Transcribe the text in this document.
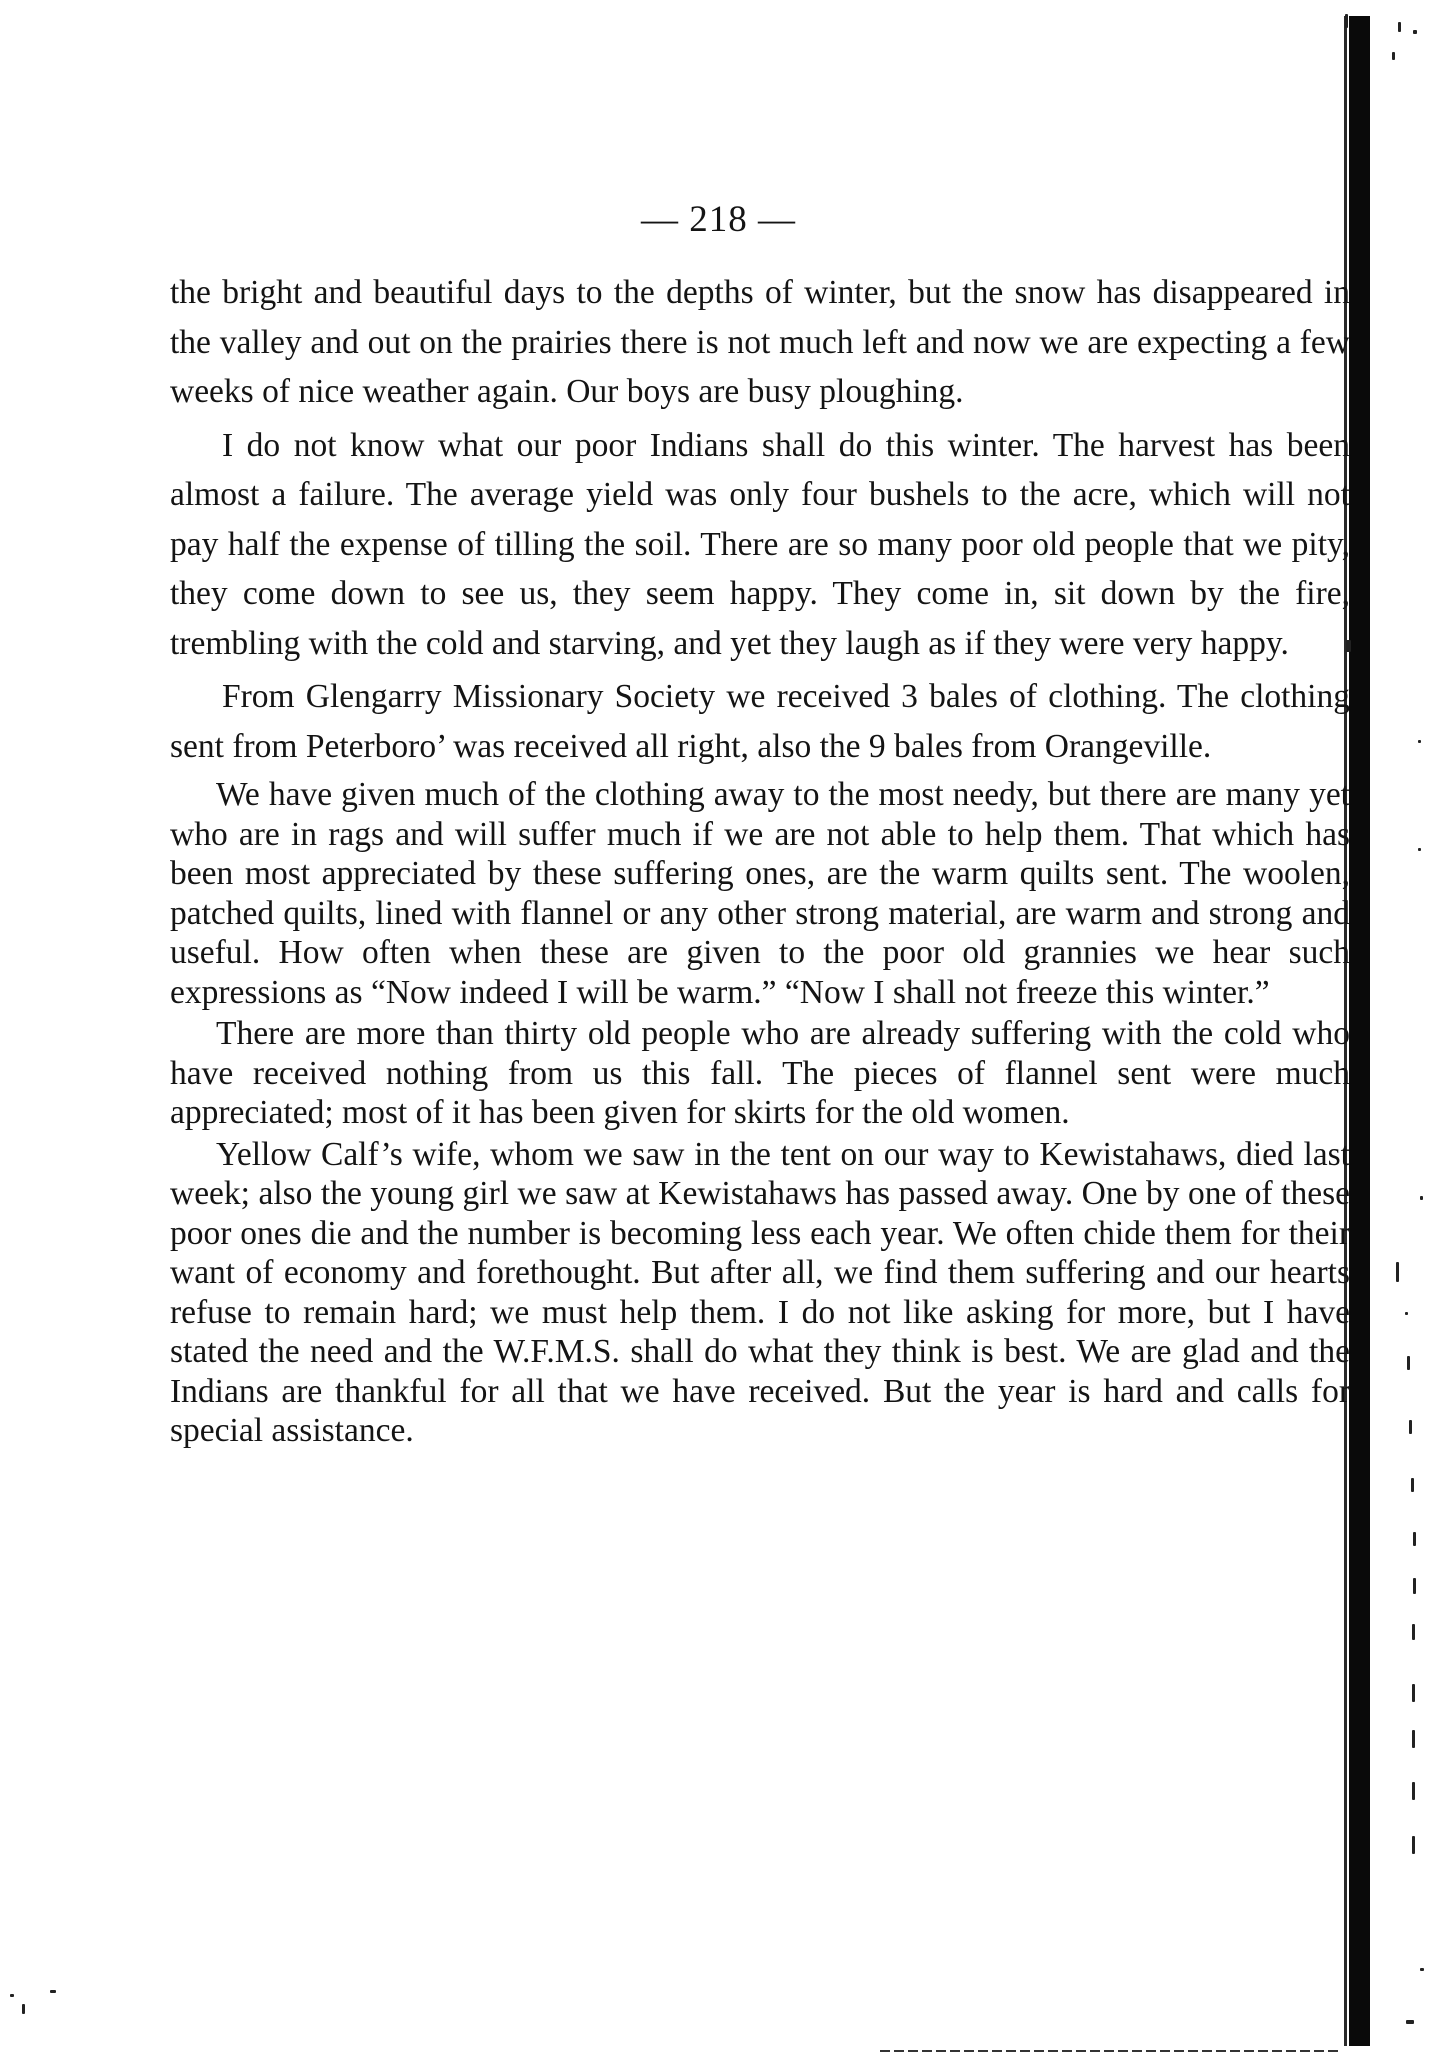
— 218 —

the bright and beautiful days to the depths of winter, but the snow has disappeared in the valley and out on the prairies there is not much left and now we are expecting a few weeks of nice weather again. Our boys are busy ploughing.

I do not know what our poor Indians shall do this winter. The harvest has been almost a failure. The average yield was only four bushels to the acre, which will not pay half the expense of tilling the soil. There are so many poor old people that we pity, they come down to see us, they seem happy. They come in, sit down by the fire, trembling with the cold and starving, and yet they laugh as if they were very happy.

From Glengarry Missionary Society we received 3 bales of clothing. The clothing sent from Peterboro’ was received all right, also the 9 bales from Orangeville.

We have given much of the clothing away to the most needy, but there are many yet who are in rags and will suffer much if we are not able to help them. That which has been most appreciated by these suffering ones, are the warm quilts sent. The woolen, patched quilts, lined with flannel or any other strong material, are warm and strong and useful. How often when these are given to the poor old grannies we hear such expressions as “Now indeed I will be warm.” “Now I shall not freeze this winter.”

There are more than thirty old people who are already suffering with the cold who have received nothing from us this fall. The pieces of flannel sent were much appreciated; most of it has been given for skirts for the old women.

Yellow Calf’s wife, whom we saw in the tent on our way to Kewistahaws, died last week; also the young girl we saw at Kewistahaws has passed away. One by one of these poor ones die and the number is becoming less each year. We often chide them for their want of economy and forethought. But after all, we find them suffering and our hearts refuse to remain hard; we must help them. I do not like asking for more, but I have stated the need and the W.F.M.S. shall do what they think is best. We are glad and the Indians are thankful for all that we have received. But the year is hard and calls for special assistance.
